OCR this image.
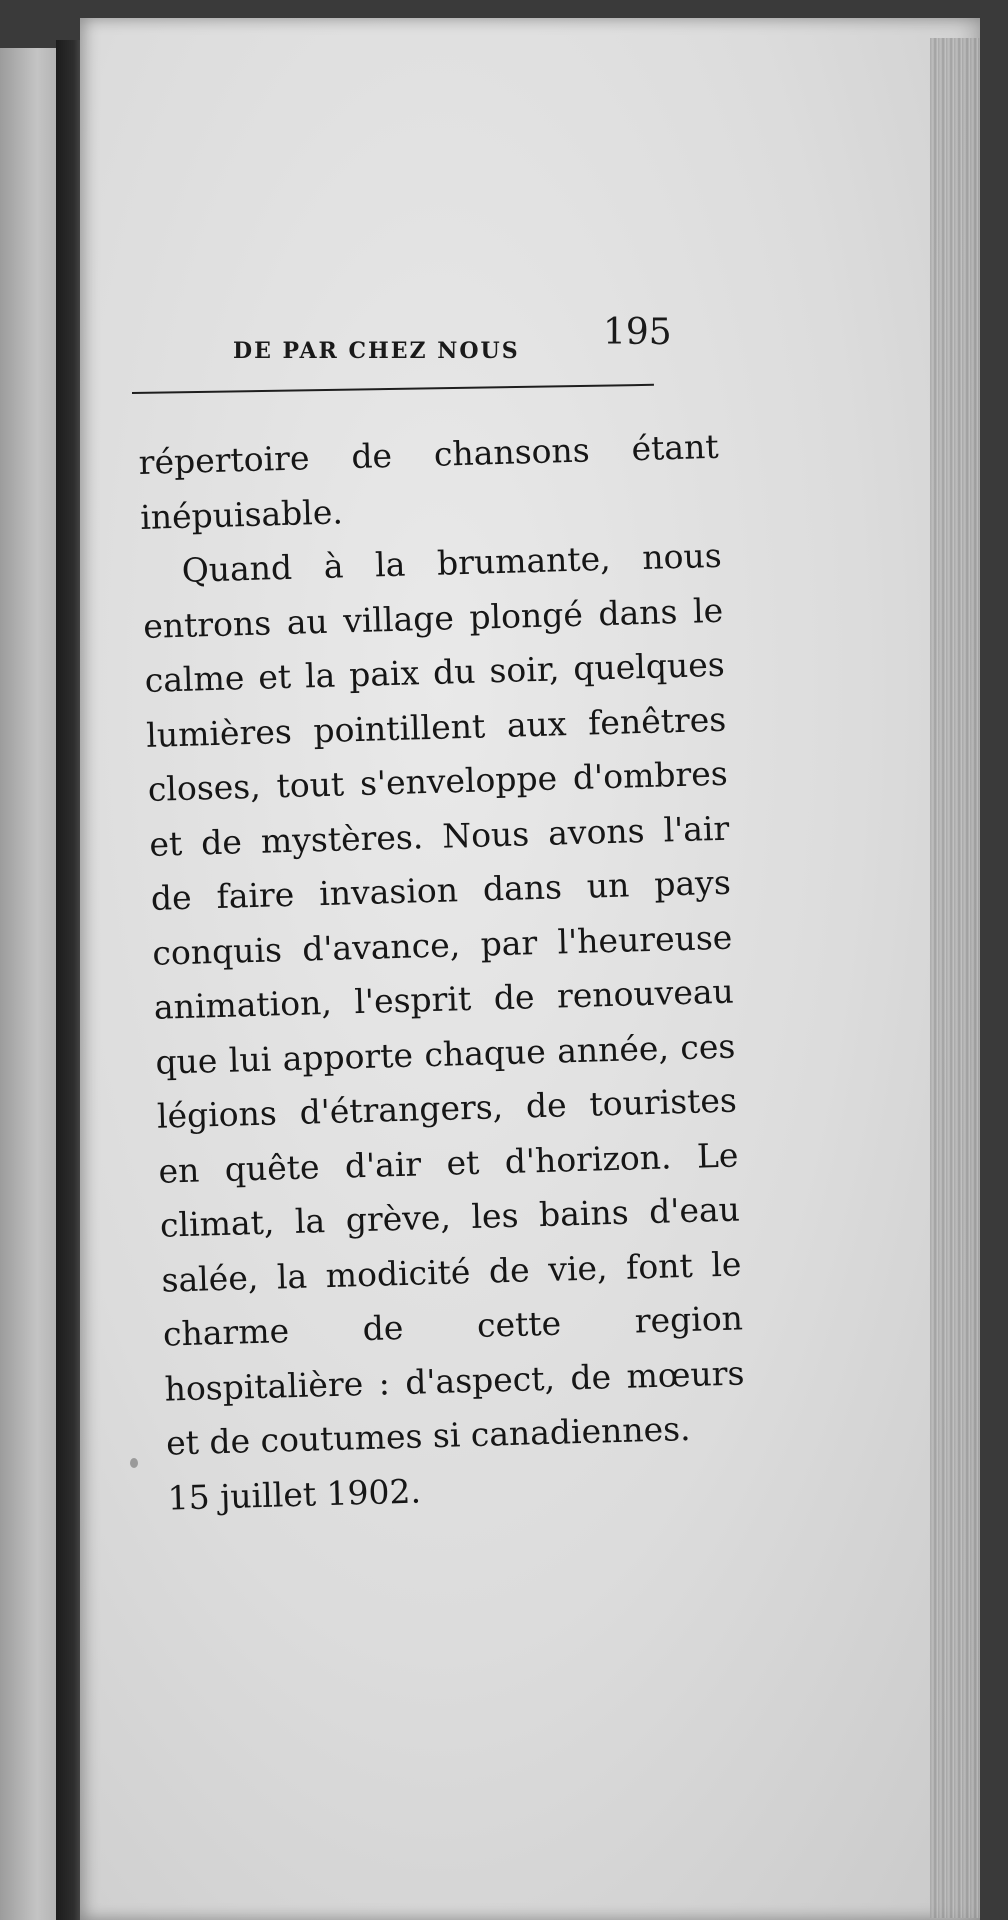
DE PAR CHEZ NOUS 195

répertoire de chansons étant inépuisable.

Quand à la brumante, nous entrons au village plongé dans le calme et la paix du soir, quelques lumières pointillent aux fenêtres closes, tout s'enveloppe d'ombres et de mystères. Nous avons l'air de faire invasion dans un pays conquis d'avance, par l'heureuse animation, l'esprit de renouveau que lui apporte chaque année, ces légions d'étrangers, de touristes en quête d'air et d'horizon. Le climat, la grève, les bains d'eau salée, la modicité de vie, font le charme de cette region hospitalière : d'aspect, de mœurs et de coutumes si canadiennes.

15 juillet 1902.
